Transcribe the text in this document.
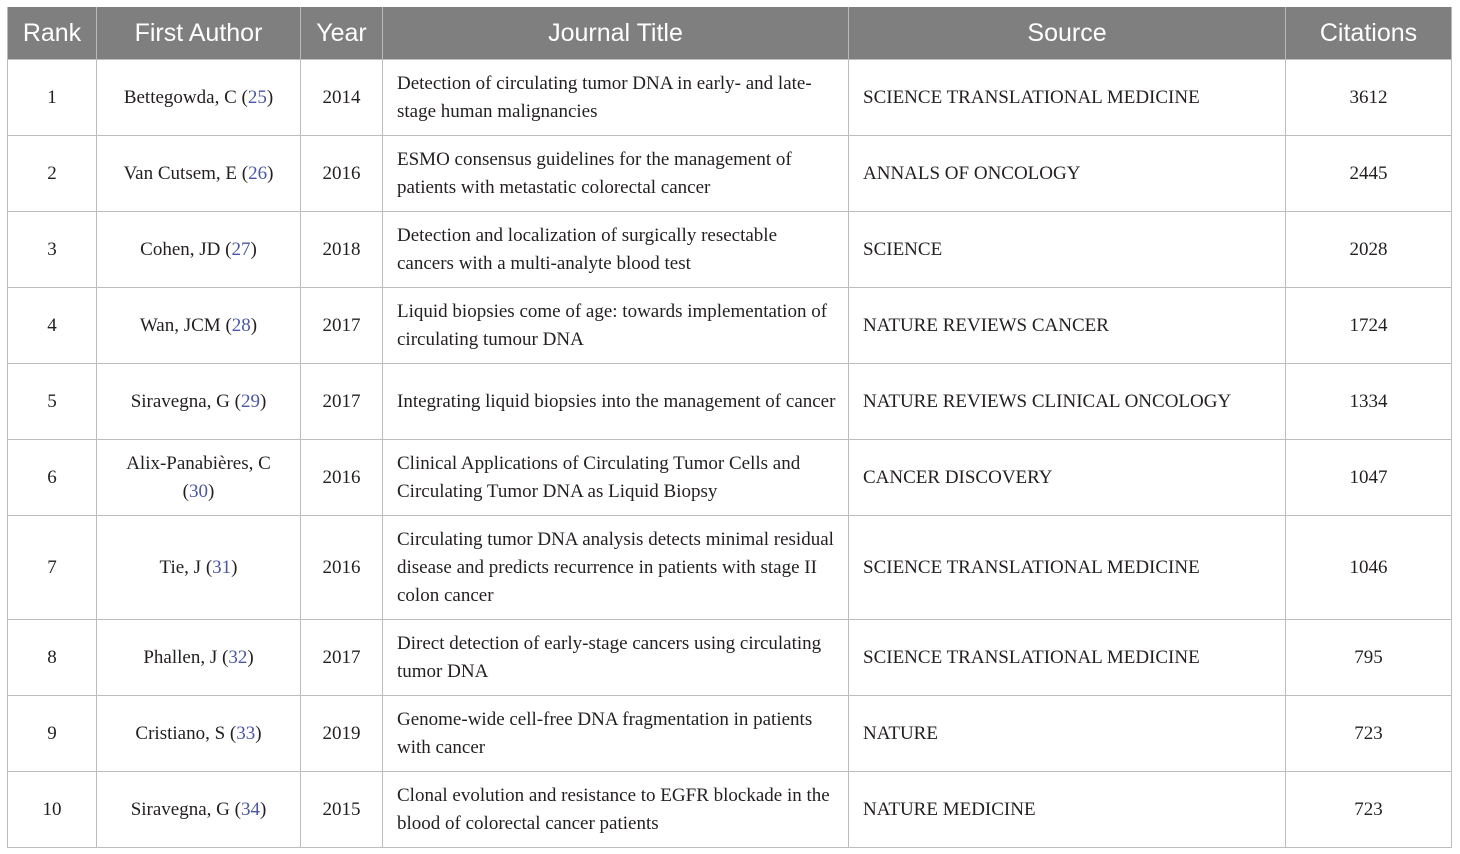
Rank	First Author	Year	Journal Title	Source	Citations
1	Bettegowda, C (25)	2014	Detection of circulating tumor DNA in early- and late-stage human malignancies	SCIENCE TRANSLATIONAL MEDICINE	3612
2	Van Cutsem, E (26)	2016	ESMO consensus guidelines for the management of patients with metastatic colorectal cancer	ANNALS OF ONCOLOGY	2445
3	Cohen, JD (27)	2018	Detection and localization of surgically resectable cancers with a multi-analyte blood test	SCIENCE	2028
4	Wan, JCM (28)	2017	Liquid biopsies come of age: towards implementation of circulating tumour DNA	NATURE REVIEWS CANCER	1724
5	Siravegna, G (29)	2017	Integrating liquid biopsies into the management of cancer	NATURE REVIEWS CLINICAL ONCOLOGY	1334
6	Alix-Panabières, C (30)	2016	Clinical Applications of Circulating Tumor Cells and Circulating Tumor DNA as Liquid Biopsy	CANCER DISCOVERY	1047
7	Tie, J (31)	2016	Circulating tumor DNA analysis detects minimal residual disease and predicts recurrence in patients with stage II colon cancer	SCIENCE TRANSLATIONAL MEDICINE	1046
8	Phallen, J (32)	2017	Direct detection of early-stage cancers using circulating tumor DNA	SCIENCE TRANSLATIONAL MEDICINE	795
9	Cristiano, S (33)	2019	Genome-wide cell-free DNA fragmentation in patients with cancer	NATURE	723
10	Siravegna, G (34)	2015	Clonal evolution and resistance to EGFR blockade in the blood of colorectal cancer patients	NATURE MEDICINE	723
